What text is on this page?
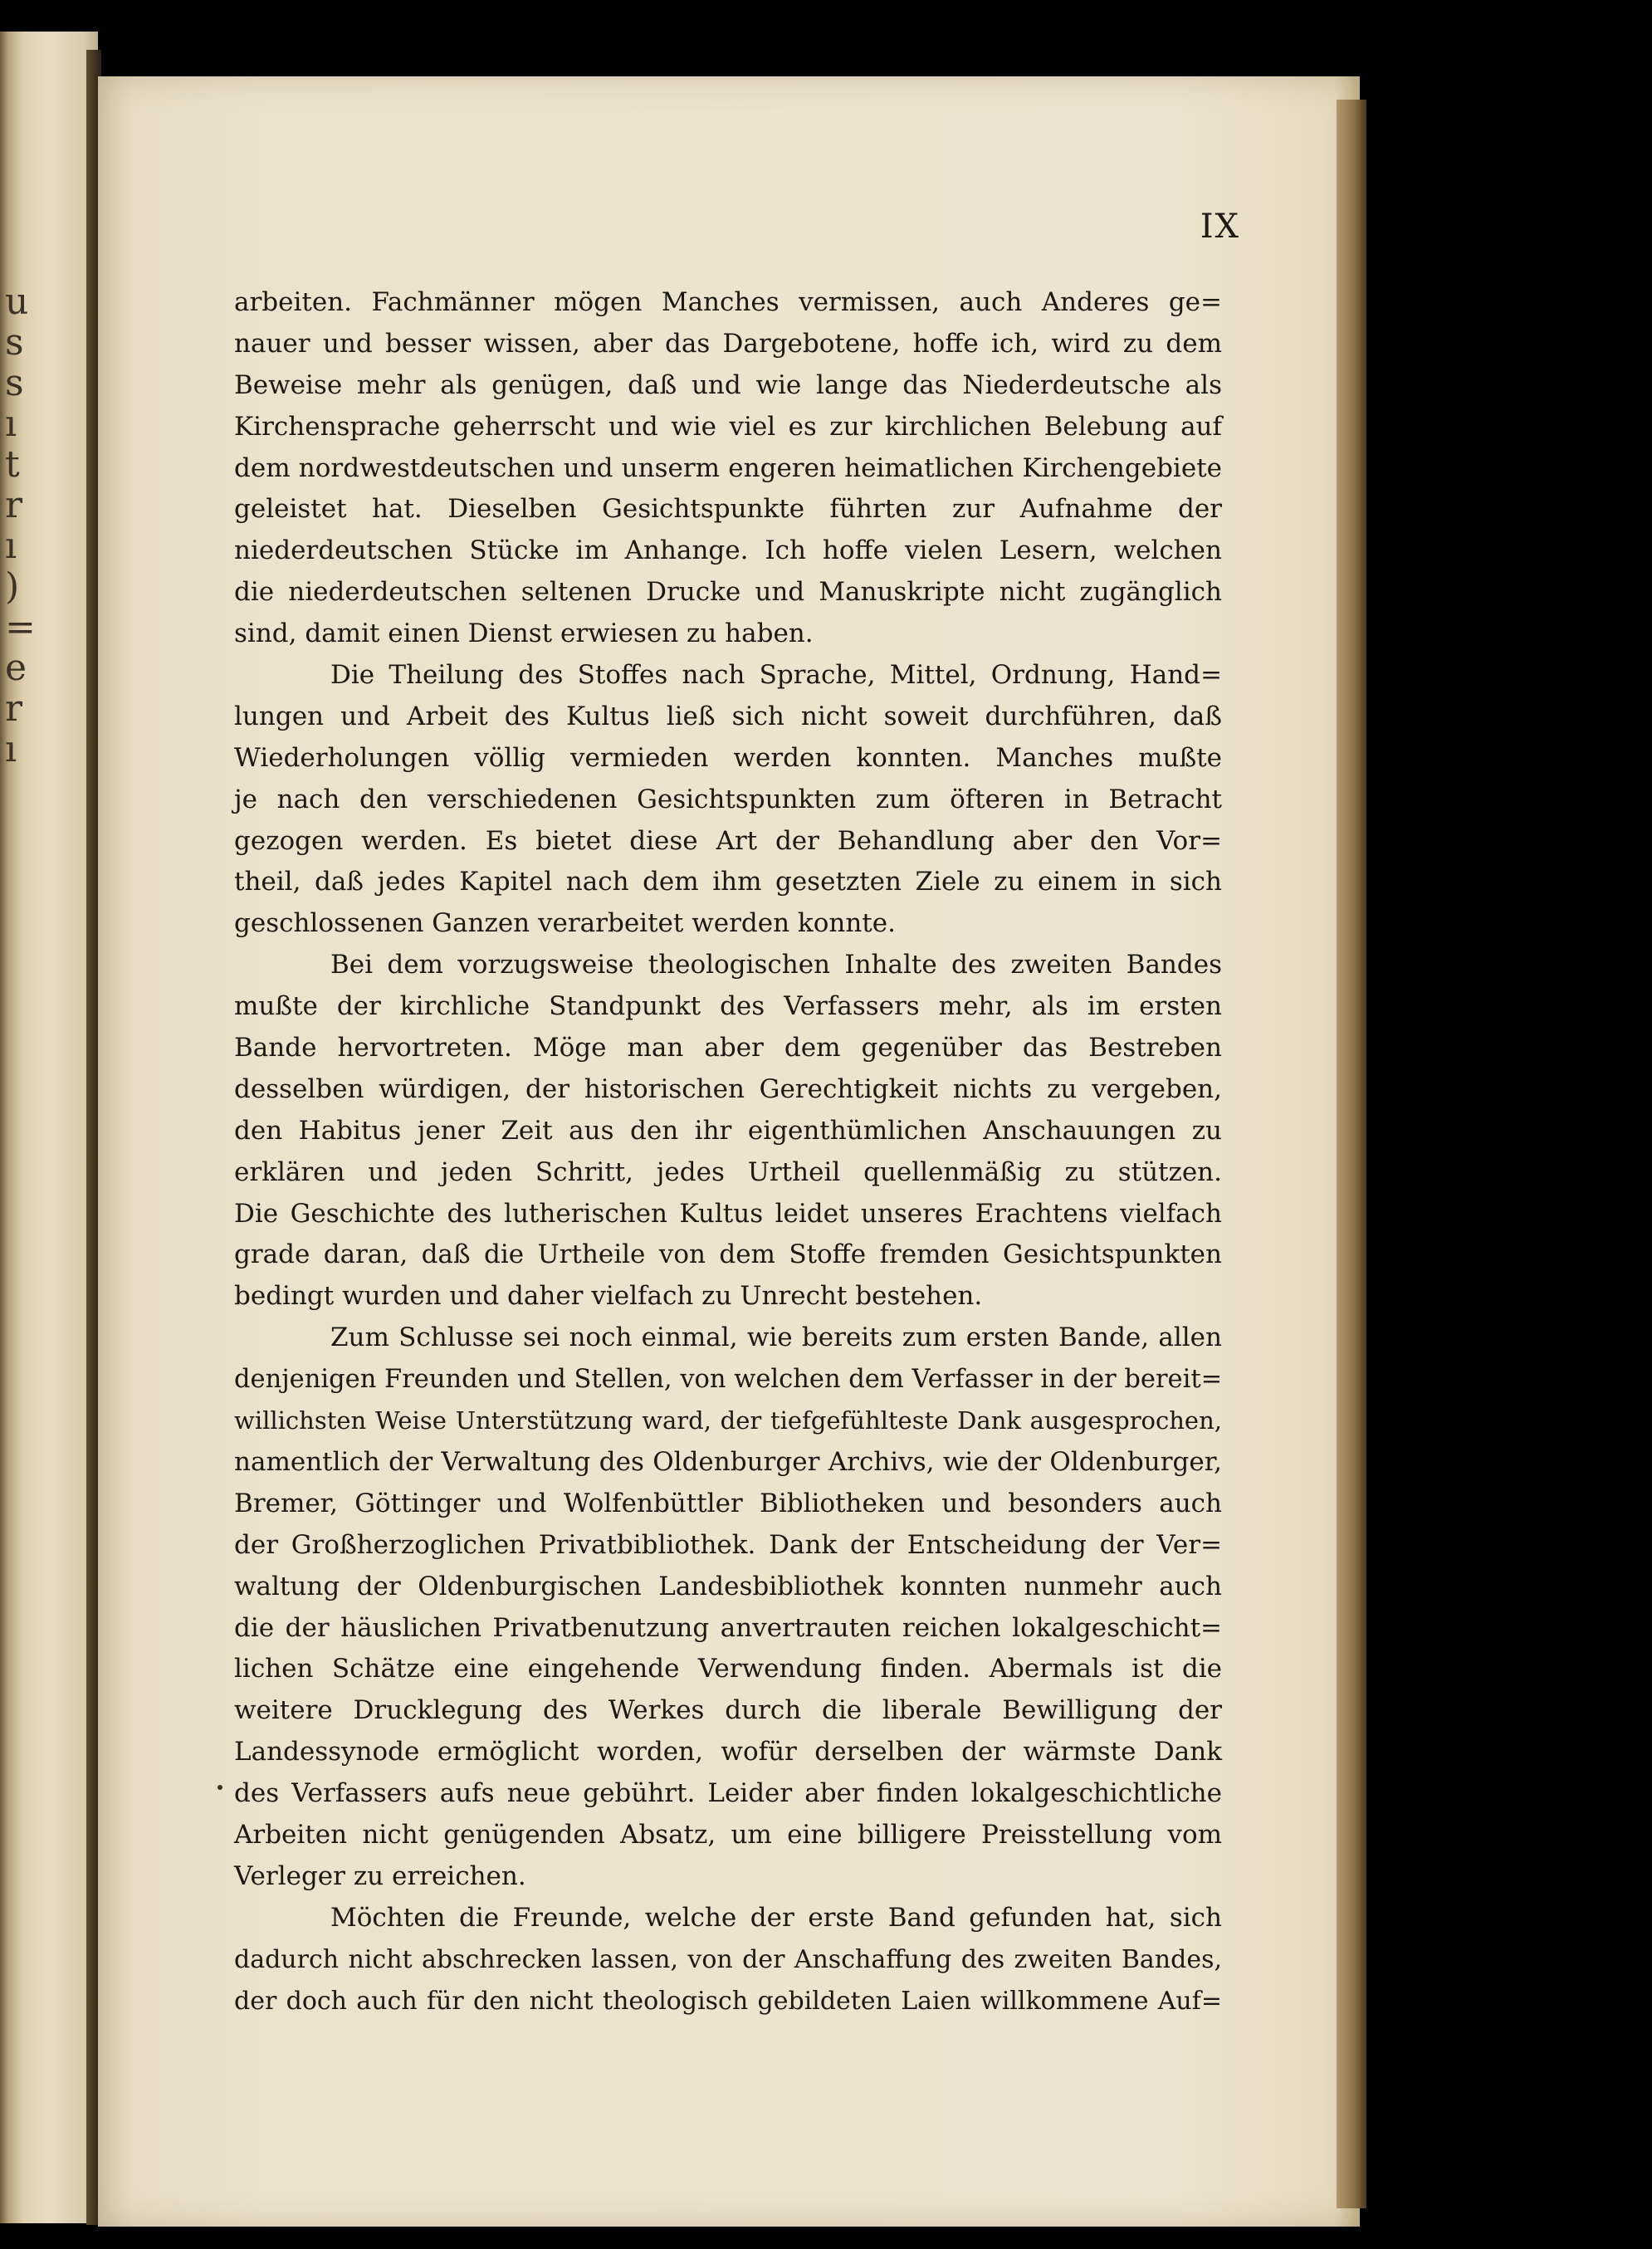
u
s
s
ı
t
r
ı
)
=
e
r
ı
IX
arbeiten. Fachmänner mögen Manches vermissen, auch Anderes ge=
nauer und besser wissen, aber das Dargebotene, hoffe ich, wird zu dem
Beweise mehr als genügen, daß und wie lange das Niederdeutsche als
Kirchensprache geherrscht und wie viel es zur kirchlichen Belebung auf
dem nordwestdeutschen und unserm engeren heimatlichen Kirchengebiete
geleistet hat. Dieselben Gesichtspunkte führten zur Aufnahme der
niederdeutschen Stücke im Anhange. Ich hoffe vielen Lesern, welchen
die niederdeutschen seltenen Drucke und Manuskripte nicht zugänglich
sind, damit einen Dienst erwiesen zu haben.
Die Theilung des Stoffes nach Sprache, Mittel, Ordnung, Hand=
lungen und Arbeit des Kultus ließ sich nicht soweit durchführen, daß
Wiederholungen völlig vermieden werden konnten. Manches mußte
je nach den verschiedenen Gesichtspunkten zum öfteren in Betracht
gezogen werden. Es bietet diese Art der Behandlung aber den Vor=
theil, daß jedes Kapitel nach dem ihm gesetzten Ziele zu einem in sich
geschlossenen Ganzen verarbeitet werden konnte.
Bei dem vorzugsweise theologischen Inhalte des zweiten Bandes
mußte der kirchliche Standpunkt des Verfassers mehr, als im ersten
Bande hervortreten. Möge man aber dem gegenüber das Bestreben
desselben würdigen, der historischen Gerechtigkeit nichts zu vergeben,
den Habitus jener Zeit aus den ihr eigenthümlichen Anschauungen zu
erklären und jeden Schritt, jedes Urtheil quellenmäßig zu stützen.
Die Geschichte des lutherischen Kultus leidet unseres Erachtens vielfach
grade daran, daß die Urtheile von dem Stoffe fremden Gesichtspunkten
bedingt wurden und daher vielfach zu Unrecht bestehen.
Zum Schlusse sei noch einmal, wie bereits zum ersten Bande, allen
denjenigen Freunden und Stellen, von welchen dem Verfasser in der bereit=
willichsten Weise Unterstützung ward, der tiefgefühlteste Dank ausgesprochen,
namentlich der Verwaltung des Oldenburger Archivs, wie der Oldenburger,
Bremer, Göttinger und Wolfenbüttler Bibliotheken und besonders auch
der Großherzoglichen Privatbibliothek. Dank der Entscheidung der Ver=
waltung der Oldenburgischen Landesbibliothek konnten nunmehr auch
die der häuslichen Privatbenutzung anvertrauten reichen lokalgeschicht=
lichen Schätze eine eingehende Verwendung finden. Abermals ist die
weitere Drucklegung des Werkes durch die liberale Bewilligung der
Landessynode ermöglicht worden, wofür derselben der wärmste Dank
des Verfassers aufs neue gebührt. Leider aber finden lokalgeschichtliche
Arbeiten nicht genügenden Absatz, um eine billigere Preisstellung vom
Verleger zu erreichen.
Möchten die Freunde, welche der erste Band gefunden hat, sich
dadurch nicht abschrecken lassen, von der Anschaffung des zweiten Bandes,
der doch auch für den nicht theologisch gebildeten Laien willkommene Auf=
